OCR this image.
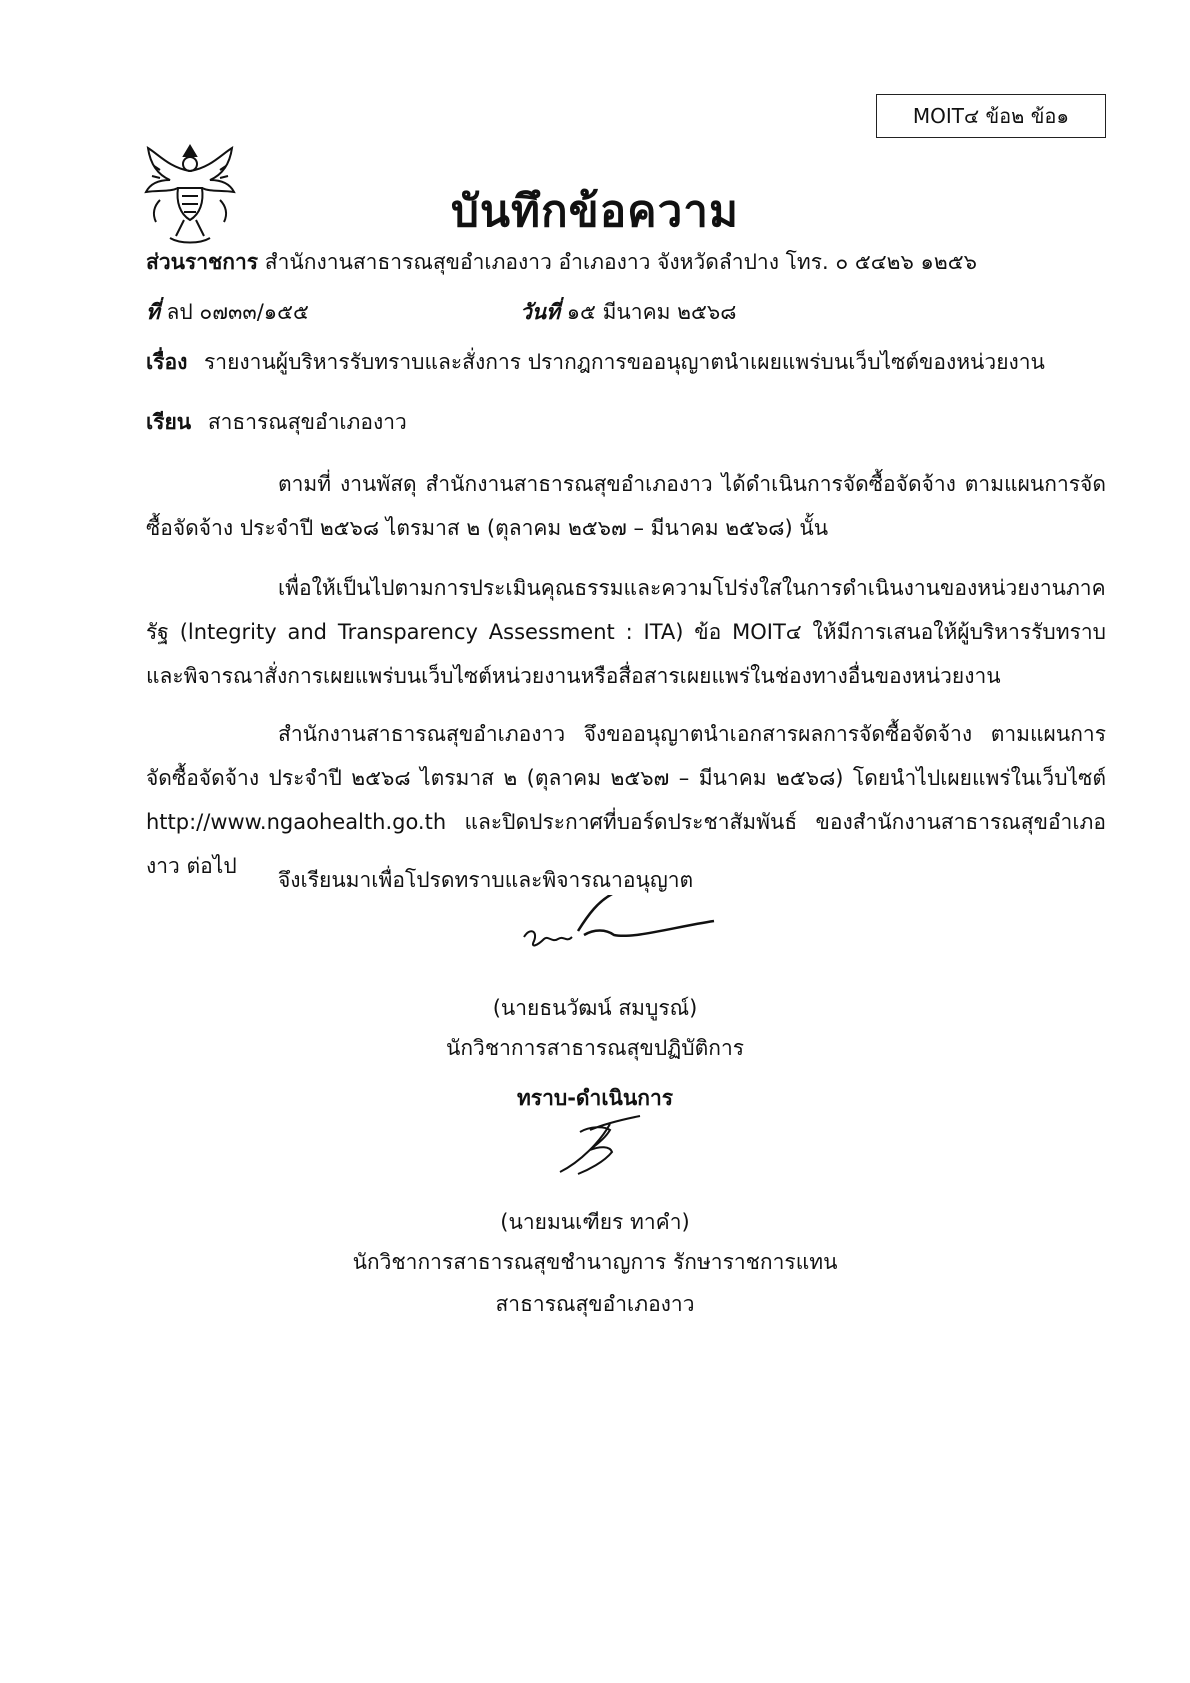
MOIT๔ ข้อ๒ ข้อ๑
บันทึกข้อความ
ส่วนราชการ สำนักงานสาธารณสุขอำเภองาว อำเภองาว จังหวัดลำปาง โทร. ๐ ๕๔๒๖ ๑๒๕๖
ที่ ลป ๐๗๓๓/๑๕๕	วันที่ ๑๕ มีนาคม ๒๕๖๘
เรื่อง รายงานผู้บริหารรับทราบและสั่งการ ปรากฎการขออนุญาตนำเผยแพร่บนเว็บไซต์ของหน่วยงาน
เรียน สาธารณสุขอำเภองาว
ตามที่ งานพัสดุ สำนักงานสาธารณสุขอำเภองาว ได้ดำเนินการจัดซื้อจัดจ้าง ตามแผนการจัดซื้อจัดจ้าง ประจำปี ๒๕๖๘ ไตรมาส ๒ (ตุลาคม ๒๕๖๗ – มีนาคม ๒๕๖๘) นั้น
เพื่อให้เป็นไปตามการประเมินคุณธรรมและความโปร่งใสในการดำเนินงานของหน่วยงานภาครัฐ (lntegrity and Transparency Assessment : ITA) ข้อ MOIT๔ ให้มีการเสนอให้ผู้บริหารรับทราบและพิจารณาสั่งการเผยแพร่บนเว็บไซต์หน่วยงานหรือสื่อสารเผยแพร่ในช่องทางอื่นของหน่วยงาน
สำนักงานสาธารณสุขอำเภองาว จึงขออนุญาตนำเอกสารผลการจัดซื้อจัดจ้าง ตามแผนการจัดซื้อจัดจ้าง ประจำปี ๒๕๖๘ ไตรมาส ๒ (ตุลาคม ๒๕๖๗ – มีนาคม ๒๕๖๘) โดยนำไปเผยแพร่ในเว็บไซต์ http://www.ngaohealth.go.th และปิดประกาศที่บอร์ดประชาสัมพันธ์ ของสำนักงานสาธารณสุขอำเภองาว ต่อไป
จึงเรียนมาเพื่อโปรดทราบและพิจารณาอนุญาต
(นายธนวัฒน์ สมบูรณ์)
นักวิชาการสาธารณสุขปฏิบัติการ
ทราบ-ดำเนินการ
(นายมนเฑียร ทาคำ)
นักวิชาการสาธารณสุขชำนาญการ รักษาราชการแทน
สาธารณสุขอำเภองาว
